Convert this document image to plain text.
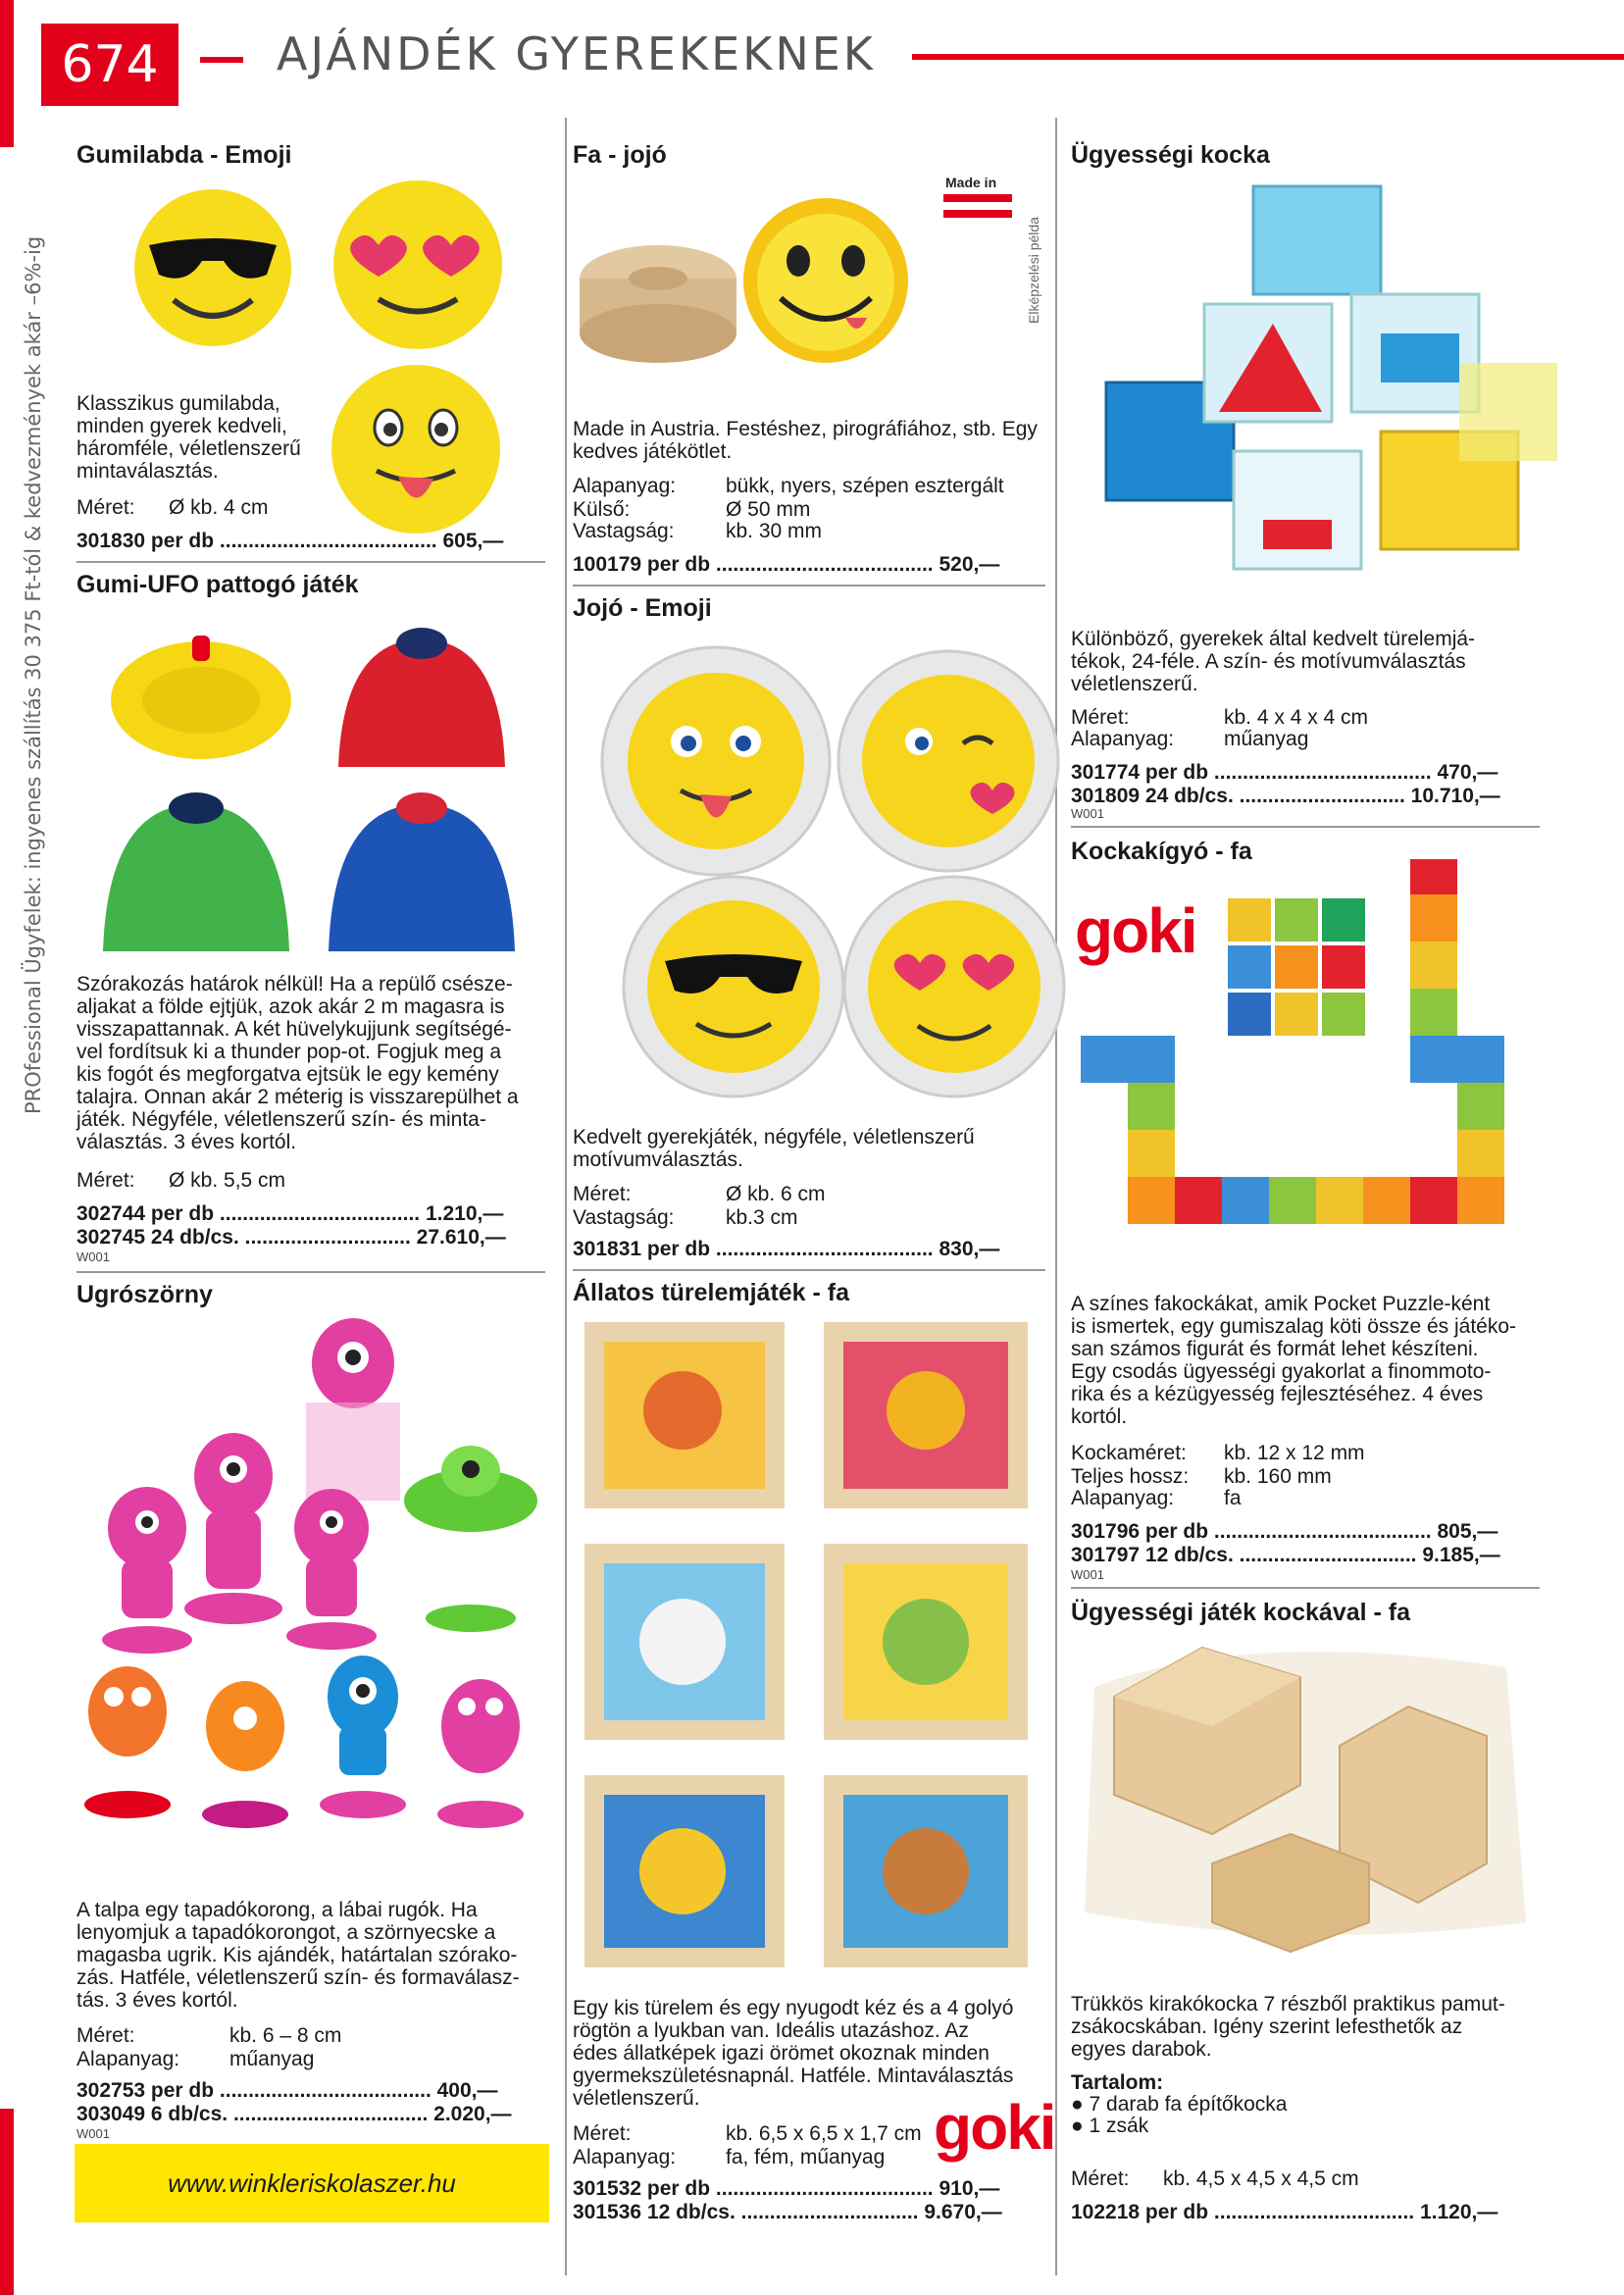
674	AJÁNDÉK GYEREKEKNEK
PROfessional Ügyfelek: ingyenes szállítás 30 375 Ft-tól & kedvezmények akár –6%-ig
Gumilabda - Emoji
Klasszikus gumilabda,
minden gyerek kedveli,
háromféle, véletlenszerű
mintaválasztás.
Méret: Ø kb. 4 cm
301830 per db ...................................... 605,—
Gumi-UFO pattogó játék
Szórakozás határok nélkül! Ha a repülő csésze-
aljakat a földe ejtjük, azok akár 2 m magasra is
visszapattannak. A két hüvelykujjunk segítségé-
vel fordítsuk ki a thunder pop-ot. Fogjuk meg a
kis fogót és megforgatva ejtsük le egy kemény
talajra. Onnan akár 2 méterig is visszarepülhet a
játék. Négyféle, véletlenszerű szín- és minta-
választás. 3 éves kortól.
Méret: Ø kb. 5,5 cm
302744 per db ................................... 1.210,—
302745 24 db/cs. ............................. 27.610,—
W001
Ugrószörny
A talpa egy tapadókorong, a lábai rugók. Ha
lenyomjuk a tapadókorongot, a szörnyecske a
magasba ugrik. Kis ajándék, határtalan szórako-
zás. Hatféle, véletlenszerű szín- és formaválasz-
tás. 3 éves kortól.
Méret:	kb. 6 – 8 cm
Alapanyag: műanyag
302753 per db ..................................... 400,—
303049 6 db/cs. .................................. 2.020,—
W001
www.winkleriskolaszer.hu
Fa - jojó
Made in
Elképzelési példa
Made in Austria. Festéshez, pirográfiához, stb. Egy
kedves játékötlet.
Alapanyag: bükk, nyers, szépen esztergált
Külső:	Ø 50 mm
Vastagság: kb. 30 mm
100179 per db ...................................... 520,—
Jojó - Emoji
Kedvelt gyerekjáték, négyféle, véletlenszerű
motívumválasztás.
Méret:	Ø kb. 6 cm
Vastagság: kb.3 cm
301831 per db ...................................... 830,—
Állatos türelemjáték - fa
Egy kis türelem és egy nyugodt kéz és a 4 golyó
rögtön a lyukban van. Ideális utazáshoz. Az
édes állatképek igazi örömet okoznak minden
gyermekszületésnapnál. Hatféle. Mintaválasztás
véletlenszerű.
Méret:	kb. 6,5 x 6,5 x 1,7 cm
Alapanyag: fa, fém, műanyag goki
301532 per db ...................................... 910,—
301536 12 db/cs. ............................... 9.670,—
Ügyességi kocka
Különböző, gyerekek által kedvelt türelemjá-
tékok, 24-féle. A szín- és motívumválasztás
véletlenszerű.
Méret:	kb. 4 x 4 x 4 cm
Alapanyag: műanyag
301774 per db ...................................... 470,—
301809 24 db/cs. ............................. 10.710,—
W001
Kockakígyó - fa
goki
A színes fakockákat, amik Pocket Puzzle-ként
is ismertek, egy gumiszalag köti össze és játéko-
san számos figurát és formát lehet készíteni.
Egy csodás ügyességi gyakorlat a finommoto-
rika és a kézügyesség fejlesztéséhez. 4 éves
kortól.
Kockaméret: kb. 12 x 12 mm
Teljes hossz: kb. 160 mm
Alapanyag: fa
301796 per db ...................................... 805,—
301797 12 db/cs. ............................... 9.185,—
W001
Ügyességi játék kockával - fa
Trükkös kirakókocka 7 részből praktikus pamut-
zsákocskában. Igény szerint lefesthetők az
egyes darabok.
Tartalom:
● 7 darab fa építőkocka
● 1 zsák
Méret: kb. 4,5 x 4,5 x 4,5 cm
102218 per db ................................... 1.120,—
